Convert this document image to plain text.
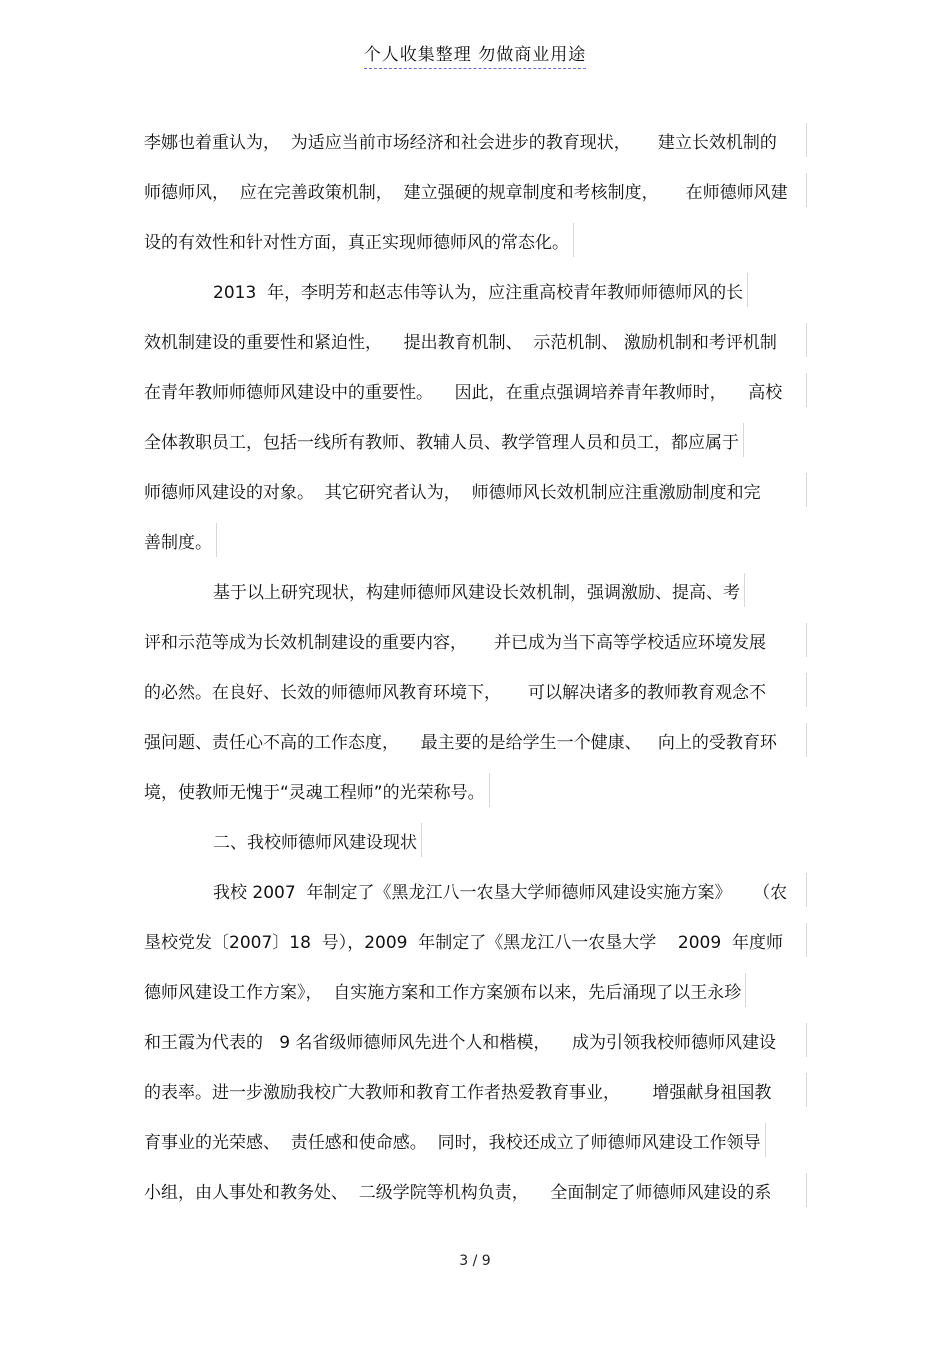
个人收集整理 勿做商业用途
李娜也着重认为，  为适应当前市场经济和社会进步的教育现状，     建立长效机制的
师德师风，  应在完善政策机制，  建立强硬的规章制度和考核制度，     在师德师风建
设的有效性和针对性方面，真正实现师德师风的常态化。
2013  年，李明芳和赵志伟等认为，应注重高校青年教师师德师风的长
效机制建设的重要性和紧迫性，    提出教育机制、  示范机制、 激励机制和考评机制
在青年教师师德师风建设中的重要性。    因此，在重点强调培养青年教师时，    高校
全体教职员工，包括一线所有教师、教辅人员、教学管理人员和员工，都应属于
师德师风建设的对象。  其它研究者认为，  师德师风长效机制应注重激励制度和完
善制度。
基于以上研究现状，构建师德师风建设长效机制，强调激励、提高、考
评和示范等成为长效机制建设的重要内容，     并已成为当下高等学校适应环境发展
的必然。在良好、长效的师德师风教育环境下，     可以解决诸多的教师教育观念不
强问题、责任心不高的工作态度，    最主要的是给学生一个健康、   向上的受教育环
境，使教师无愧于“灵魂工程师”的光荣称号。
二、我校师德师风建设现状
我校 2007  年制定了《黑龙江八一农垦大学师德师风建设实施方案》    （农
垦校党发〔2007〕18  号），2009  年制定了《黑龙江八一农垦大学    2009  年度师
德师风建设工作方案》，  自实施方案和工作方案颁布以来，先后涌现了以王永珍
和王霞为代表的   9 名省级师德师风先进个人和楷模，    成为引领我校师德师风建设
的表率。进一步激励我校广大教师和教育工作者热爱教育事业，      增强献身祖国教
育事业的光荣感、  责任感和使命感。  同时，我校还成立了师德师风建设工作领导
小组，由人事处和教务处、  二级学院等机构负责，    全面制定了师德师风建设的系
3 / 9
